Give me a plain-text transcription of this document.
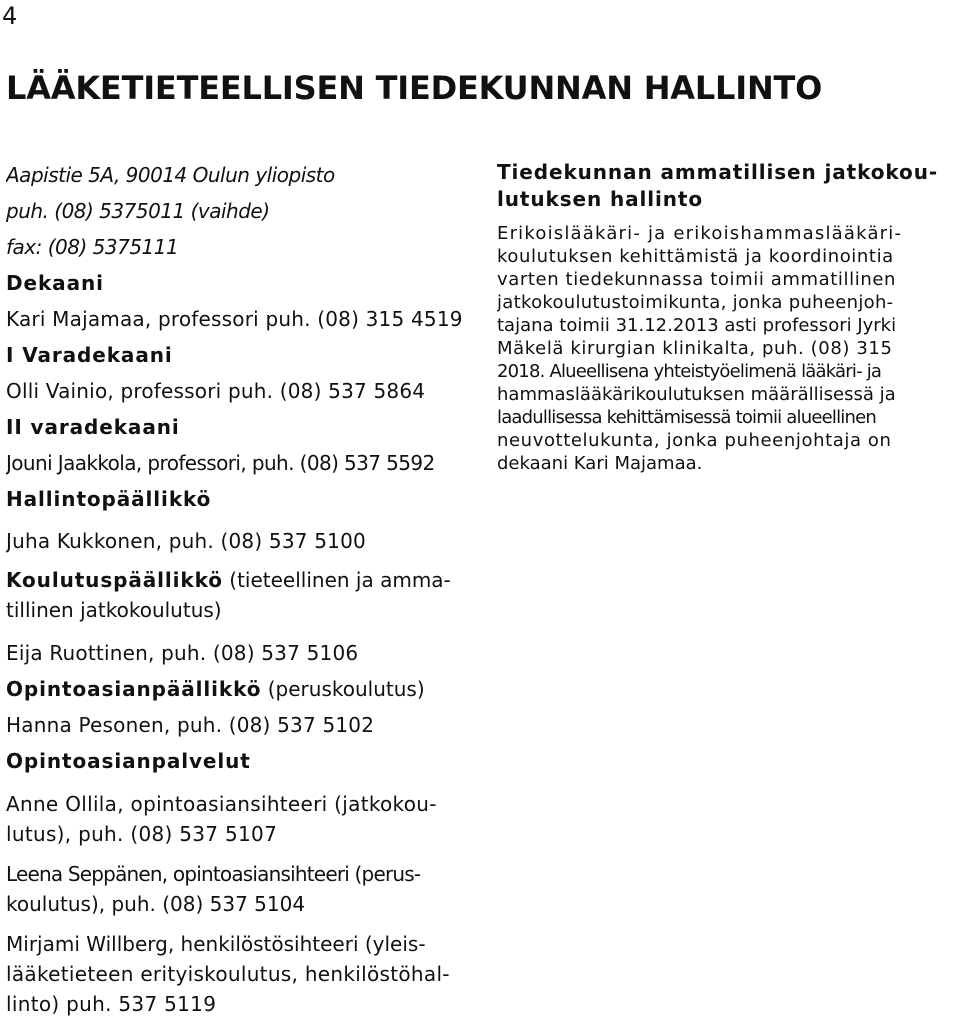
4
LÄÄKETIETEELLISEN TIEDEKUNNAN HALLINTO
Aapistie 5A, 90014 Oulun yliopisto
puh. (08) 5375011 (vaihde)
fax: (08) 5375111
Dekaani
Kari Majamaa, professori puh. (08) 315 4519
I Varadekaani
Olli Vainio, professori puh. (08) 537 5864
II varadekaani
Jouni Jaakkola, professori, puh. (08) 537 5592
Hallintopäällikkö
Juha Kukkonen, puh. (08) 537 5100
Koulutuspäällikkö (tieteellinen ja amma-
tillinen jatkokoulutus)
Eija Ruottinen, puh. (08) 537 5106
Opintoasianpäällikkö (peruskoulutus)
Hanna Pesonen, puh. (08) 537 5102
Opintoasianpalvelut
Anne Ollila, opintoasiansihteeri (jatkokou-
lutus), puh. (08) 537 5107
Leena Seppänen, opintoasiansihteeri (perus-
koulutus), puh. (08) 537 5104
Mirjami Willberg, henkilöstösihteeri (yleis-
lääketieteen erityiskoulutus, henkilöstöhal-
linto) puh. 537 5119
Tiedekunnan ammatillisen jatkokou-
lutuksen hallinto
Erikoislääkäri- ja erikoishammaslääkäri-
koulutuksen kehittämistä ja koordinointia
varten tiedekunnassa toimii ammatillinen
jatkokoulutustoimikunta, jonka puheenjoh-
tajana toimii 31.12.2013 asti professori Jyrki
Mäkelä kirurgian klinikalta, puh. (08) 315
2018. Alueellisena yhteistyöelimenä lääkäri- ja
hammaslääkärikoulutuksen määrällisessä ja
laadullisessa kehittämisessä toimii alueellinen
neuvottelukunta, jonka puheenjohtaja on
dekaani Kari Majamaa.
